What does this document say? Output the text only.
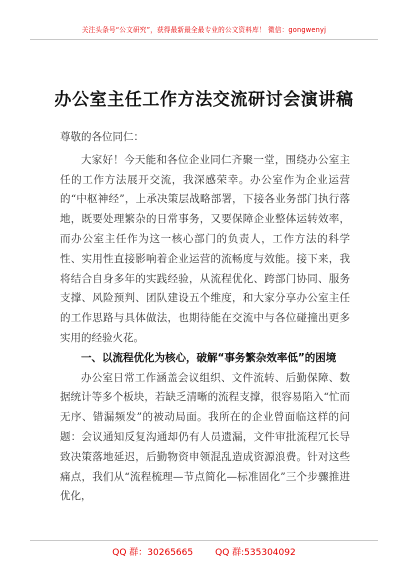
关注头条号“公文研究”，获得最新最全最专业的公文资料库！ 微信：gongwenyj
办公室主任工作方法交流研讨会演讲稿

尊敬的各位同仁：

大家好！今天能和各位企业同仁齐聚一堂，围绕办公室主任的工作方法展开交流，我深感荣幸。办公室作为企业运营的“中枢神经”，上承决策层战略部署，下接各业务部门执行落地，既要处理繁杂的日常事务，又要保障企业整体运转效率，而办公室主任作为这一核心部门的负责人，工作方法的科学性、实用性直接影响着企业运营的流畅度与效能。接下来，我将结合自身多年的实践经验，从流程优化、跨部门协同、服务支撑、风险预判、团队建设五个维度，和大家分享办公室主任的工作思路与具体做法，也期待能在交流中与各位碰撞出更多实用的经验火花。

一、以流程优化为核心，破解“事务繁杂效率低”的困境

办公室日常工作涵盖会议组织、文件流转、后勤保障、数据统计等多个板块，若缺乏清晰的流程支撑，很容易陷入“忙而无序、错漏频发”的被动局面。我所在的企业曾面临这样的问题：会议通知反复沟通却仍有人员遗漏，文件审批流程冗长导致决策落地延迟，后勤物资申领混乱造成资源浪费。针对这些痛点，我们从“流程梳理—节点简化—标准固化”三个步骤推进优化，

QQ 群：30265665 QQ 群:535304092
